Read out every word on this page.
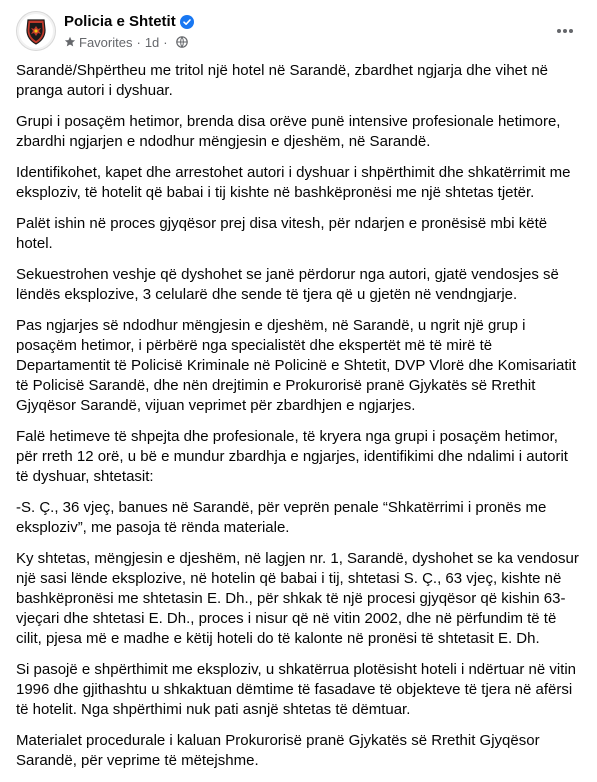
Policia e Shtetit
Favorites · 1d ·

Sarandë/Shpërtheu me tritol një hotel në Sarandë, zbardhet ngjarja dhe vihet në pranga autori i dyshuar.

Grupi i posaçëm hetimor, brenda disa orëve punë intensive profesionale hetimore, zbardhi ngjarjen e ndodhur mëngjesin e djeshëm, në Sarandë.

Identifikohet, kapet dhe arrestohet autori i dyshuar i shpërthimit dhe shkatërrimit me eksploziv, të hotelit që babai i tij kishte në bashkëpronësi me një shtetas tjetër.

Palët ishin në proces gjyqësor prej disa vitesh, për ndarjen e pronësisë mbi këtë hotel.

Sekuestrohen veshje që dyshohet se janë përdorur nga autori, gjatë vendosjes së lëndës eksplozive, 3 celularë dhe sende të tjera që u gjetën në vendngjarje.

Pas ngjarjes së ndodhur mëngjesin e djeshëm, në Sarandë, u ngrit një grup i posaçëm hetimor, i përbërë nga specialistët dhe ekspertët më të mirë të Departamentit të Policisë Kriminale në Policinë e Shtetit, DVP Vlorë dhe Komisariatit të Policisë Sarandë, dhe nën drejtimin e Prokurorisë pranë Gjykatës së Rrethit Gjyqësor Sarandë, vijuan veprimet për zbardhjen e ngjarjes.

Falë hetimeve të shpejta dhe profesionale, të kryera nga grupi i posaçëm hetimor, për rreth 12 orë, u bë e mundur zbardhja e ngjarjes, identifikimi dhe ndalimi i autorit të dyshuar, shtetasit:

-S. Ç., 36 vjeç, banues në Sarandë, për veprën penale “Shkatërrimi i pronës me eksploziv”, me pasoja të rënda materiale.

Ky shtetas, mëngjesin e djeshëm, në lagjen nr. 1, Sarandë, dyshohet se ka vendosur një sasi lënde eksplozive, në hotelin që babai i tij, shtetasi S. Ç., 63 vjeç, kishte në bashkëpronësi me shtetasin E. Dh., për shkak të një procesi gjyqësor që kishin 63-vjeçari dhe shtetasi E. Dh., proces i nisur që në vitin 2002, dhe në përfundim të të cilit, pjesa më e madhe e këtij hoteli do të kalonte në pronësi të shtetasit E. Dh.

Si pasojë e shpërthimit me eksploziv, u shkatërrua plotësisht hoteli i ndërtuar në vitin 1996 dhe gjithashtu u shkaktuan dëmtime të fasadave të objekteve të tjera në afërsi të hotelit. Nga shpërthimi nuk pati asnjë shtetas të dëmtuar.

Materialet procedurale i kaluan Prokurorisë pranë Gjykatës së Rrethit Gjyqësor Sarandë, për veprime të mëtejshme.
